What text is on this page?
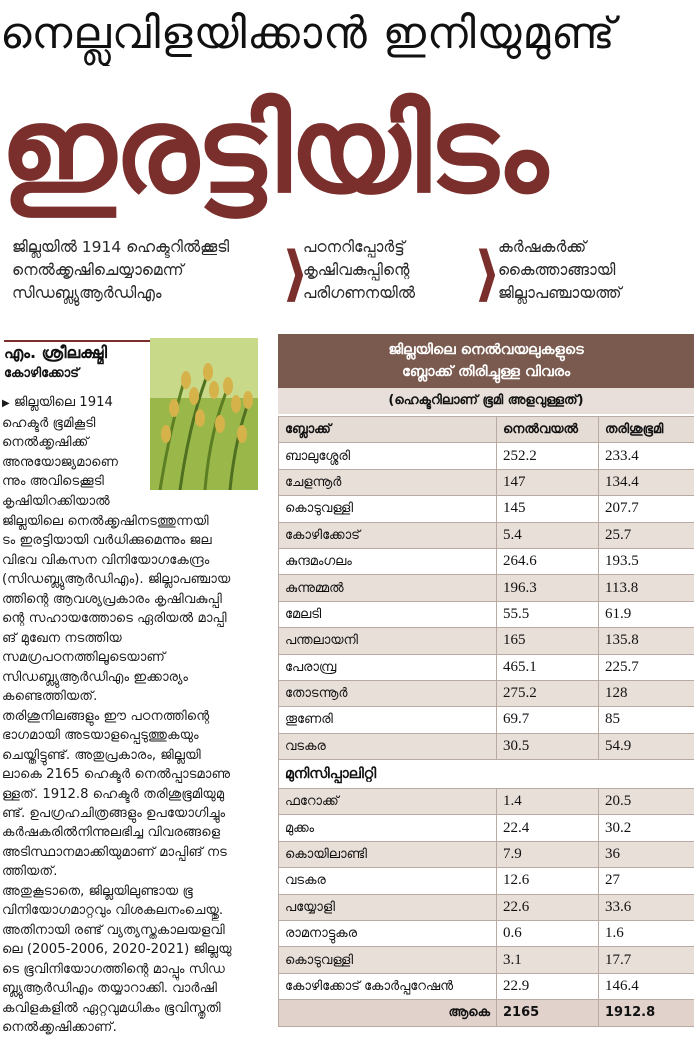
നെല്ലുവിളയിക്കാൻ ഇനിയുമുണ്ട്
ഇരട്ടിയിടം
ജില്ലയിൽ 1914 ഹെക്ടറിൽക്കൂടി
നെൽക്കൃഷിചെയ്യാമെന്ന്
സിഡബ്ല്യുആർഡിഎം	⟩
പഠനറിപ്പോർട്ട്
കൃഷിവകുപ്പിന്റെ
പരിഗണനയിൽ ⟩
കർഷകർക്ക്
കൈത്താങ്ങായി
ജില്ലാപഞ്ചായത്ത്
എം. ശ്രീലക്ഷ്മി
കോഴിക്കോട്
▶ ജില്ലയിലെ 1914
ഹെക്ടർ ഭൂമികൂടി
നെൽക്കൃഷിക്ക്
അനുയോജ്യമാണെ
ന്നും അവിടെക്കൂടി
കൃഷിയിറക്കിയാൽ
ജില്ലയിലെ നെൽക്കൃഷിനടത്തുന്നയി
ടം ഇരട്ടിയായി വർധിക്കുമെന്നും ജല
വിഭവ വികസന വിനിയോഗകേന്ദ്രം
(സിഡബ്ല്യുആർഡിഎം). ജില്ലാപഞ്ചായ
ത്തിന്റെ ആവശ്യപ്രകാരം കൃഷിവകുപ്പി
ന്റെ സഹായത്തോടെ ഏരിയൽ മാപ്പി
ങ് മുഖേന നടത്തിയ
സമഗ്രപഠനത്തിലൂടെയാണ്
സിഡബ്ല്യുആർഡിഎം ഇക്കാര്യം
കണ്ടെത്തിയത്.
തരിശുനിലങ്ങളും ഈ പഠനത്തിന്റെ
ഭാഗമായി അടയാളപ്പെടുത്തുകയും
ചെയ്തിട്ടുണ്ട്. അതുപ്രകാരം, ജില്ലയി
ലാകെ 2165 ഹെക്ടർ നെൽപ്പാടമാണു
ള്ളത്. 1912.8 ഹെക്ടർ തരിശുഭൂമിയുമു
ണ്ട്. ഉപഗ്രഹചിത്രങ്ങളും ഉപയോഗിച്ചും
കർഷകരിൽനിന്നുലഭിച്ച വിവരങ്ങളെ
അടിസ്ഥാനമാക്കിയുമാണ് മാപ്പിങ് നട
ത്തിയത്.
അതുകൂടാതെ, ജില്ലയിലുണ്ടായ ഭൂ
വിനിയോഗമാറ്റവും വിശകലനംചെയ്തു.
അതിനായി രണ്ട് വ്യത്യസ്തകാലയളവി
ലെ (2005-2006, 2020-2021) ജില്ലയു
ടെ ഭൂവിനിയോഗത്തിന്റെ മാപ്പും സിഡ
ബ്ല്യുആർഡിഎം തയ്യാറാക്കി. വാർഷി
കവിളകളിൽ ഏറ്റവുമധികം ഭൂവിസ്തൃതി
നെൽക്കൃഷിക്കാണ്.
ജില്ലയിലെ നെൽവയലുകളുടെ
ബ്ലോക്ക് തിരിച്ചുള്ള വിവരം
(ഹെക്ടറിലാണ് ഭൂമി അളവുള്ളത്)
ബ്ലോക്ക്	നെൽവയൽ	തരിശുഭൂമി
ബാലുശ്ശേരി	252.2	233.4
ചേളന്നൂർ	147	134.4
കൊടുവള്ളി	145	207.7
കോഴിക്കോട്	5.4	25.7
കുന്ദമംഗലം	264.6	193.5
കുന്നുമ്മൽ	196.3	113.8
മേലടി	55.5	61.9
പന്തലായനി	165	135.8
പേരാമ്പ്ര	465.1	225.7
തോടന്നൂർ	275.2	128
തൂണേരി	69.7	85
വടകര	30.5	54.9
മുനിസിപ്പാലിറ്റി		
ഫറോക്ക്	1.4	20.5
മുക്കം	22.4	30.2
കൊയിലാണ്ടി	7.9	36
വടകര	12.6	27
പയ്യോളി	22.6	33.6
രാമനാട്ടുകര	0.6	1.6
കൊടുവള്ളി	3.1	17.7
കോഴിക്കോട് കോർപ്പറേഷൻ	22.9	146.4
ആകെ	2165	1912.8
